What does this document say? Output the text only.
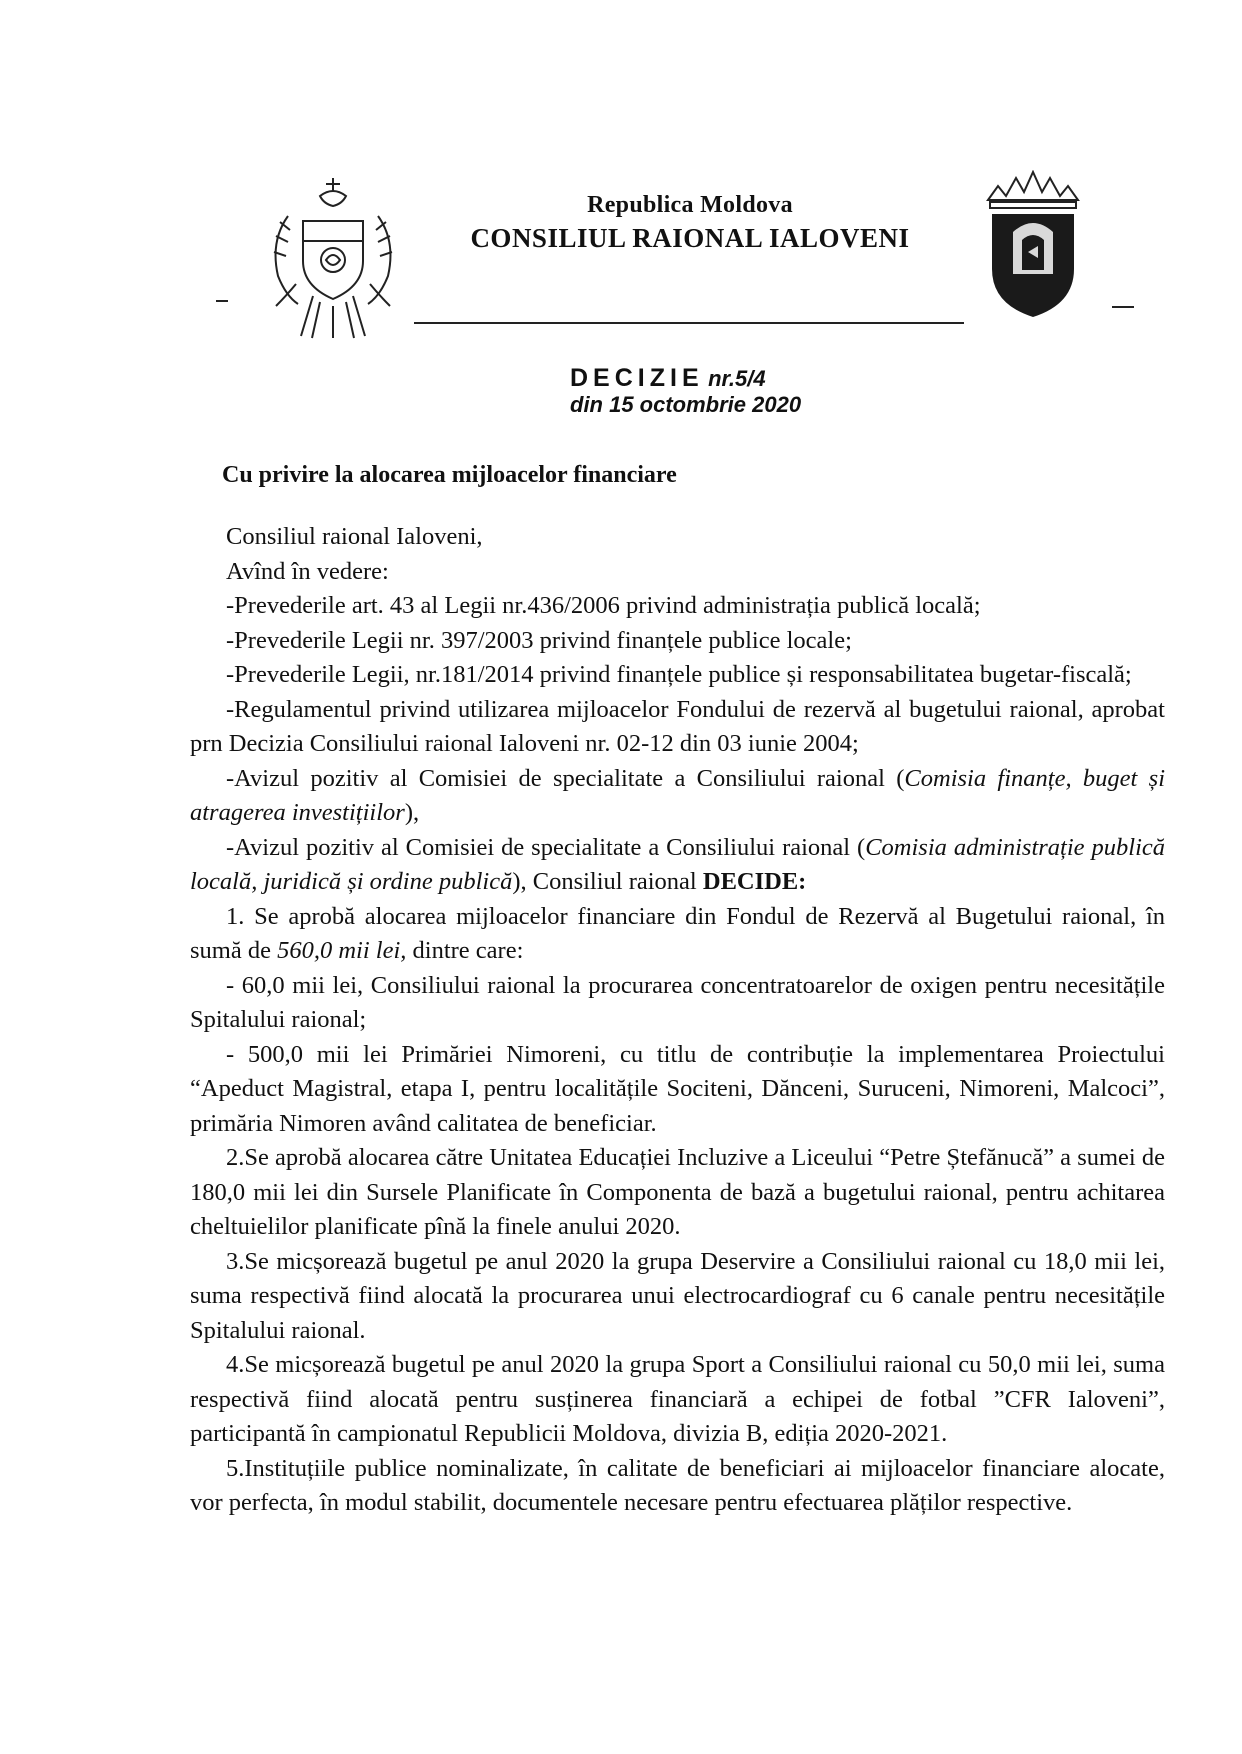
Republica Moldova
CONSILIUL RAIONAL IALOVENI
DECIZIE nr.5/4
din 15 octombrie 2020
Cu privire la alocarea mijloacelor financiare

Consiliul raional Ialoveni,

Avînd în vedere:

-Prevederile art. 43 al Legii nr.436/2006 privind administrația publică locală;

-Prevederile Legii nr. 397/2003 privind finanțele publice locale;

-Prevederile Legii, nr.181/2014 privind finanțele publice și responsabilitatea bugetar-fiscală;

-Regulamentul privind utilizarea mijloacelor Fondului de rezervă al bugetului raional, aprobat prn Decizia Consiliului raional Ialoveni nr. 02-12 din 03 iunie 2004;

-Avizul pozitiv al Comisiei de specialitate a Consiliului raional (Comisia finanțe, buget și atragerea investițiilor),

-Avizul pozitiv al Comisiei de specialitate a Consiliului raional (Comisia administrație publică locală, juridică și ordine publică), Consiliul raional DECIDE:

1. Se aprobă alocarea mijloacelor financiare din Fondul de Rezervă al Bugetului raional, în sumă de 560,0 mii lei, dintre care:

- 60,0 mii lei, Consiliului raional la procurarea concentratoarelor de oxigen pentru necesitățile Spitalului raional;

- 500,0 mii lei Primăriei Nimoreni, cu titlu de contribuție la implementarea Proiectului “Apeduct Magistral, etapa I, pentru localitățile Sociteni, Dănceni, Suruceni, Nimoreni, Malcoci”, primăria Nimoren având calitatea de beneficiar.

2.Se aprobă alocarea către Unitatea Educației Incluzive a Liceului “Petre Ștefănucă” a sumei de 180,0 mii lei din Sursele Planificate în Componenta de bază a bugetului raional, pentru achitarea cheltuielilor planificate pînă la finele anului 2020.

3.Se micșorează bugetul pe anul 2020 la grupa Deservire a Consiliului raional cu 18,0 mii lei, suma respectivă fiind alocată la procurarea unui electrocardiograf cu 6 canale pentru necesitățile Spitalului raional.

4.Se micșorează bugetul pe anul 2020 la grupa Sport a Consiliului raional cu 50,0 mii lei, suma respectivă fiind alocată pentru susținerea financiară a echipei de fotbal ”CFR Ialoveni”, participantă în campionatul Republicii Moldova, divizia B, ediția 2020-2021.

5.Instituțiile publice nominalizate, în calitate de beneficiari ai mijloacelor financiare alocate, vor perfecta, în modul stabilit, documentele necesare pentru efectuarea plăților respective.
